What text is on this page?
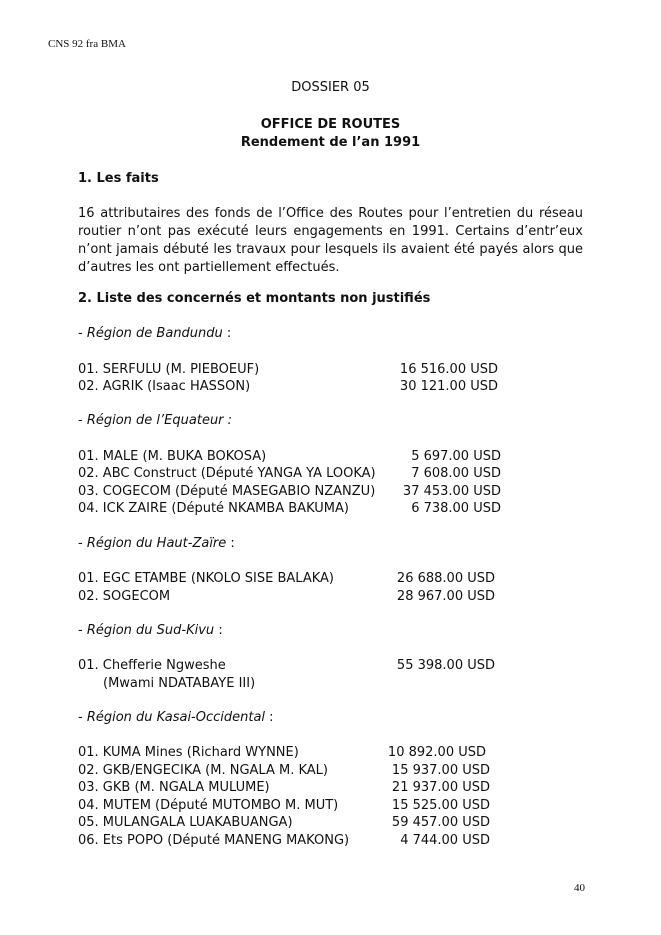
CNS 92 fra BMA
DOSSIER 05
OFFICE DE ROUTES
Rendement de l’an 1991
1. Les faits
16 attributaires des fonds de l’Office des Routes pour l’entretien du réseau routier n’ont pas exécuté leurs engagements en 1991. Certains d’entr’eux n’ont jamais débuté les travaux pour lesquels ils avaient été payés alors que d’autres les ont partiellement effectués.
2. Liste des concernés et montants non justifiés
- Région de Bandundu :
01. SERFULU (M. PIEBOEUF)	16 516.00 USD
02. AGRIK (Isaac HASSON)	30 121.00 USD
- Région de l’Equateur :
01. MALE (M. BUKA BOKOSA)	5 697.00 USD
02. ABC Construct (Député YANGA YA LOOKA)	7 608.00 USD
03. COGECOM (Député MASEGABIO NZANZU) 37 453.00 USD
04. ICK ZAIRE (Député NKAMBA BAKUMA)	6 738.00 USD
- Région du Haut-Zaïre :
01. EGC ETAMBE (NKOLO SISE BALAKA)	26 688.00 USD
02. SOGECOM	28 967.00 USD
- Région du Sud-Kivu :
01. Chefferie Ngweshe	55 398.00 USD
(Mwami NDATABAYE III)
- Région du Kasai-Occidental :
01. KUMA Mines (Richard WYNNE)	10 892.00 USD
02. GKB/ENGECIKA (M. NGALA M. KAL)	15 937.00 USD
03. GKB (M. NGALA MULUME)	21 937.00 USD
04. MUTEM (Député MUTOMBO M. MUT)	15 525.00 USD
05. MULANGALA LUAKABUANGA)	59 457.00 USD
06. Ets POPO (Député MANENG MAKONG)	4 744.00 USD
40
